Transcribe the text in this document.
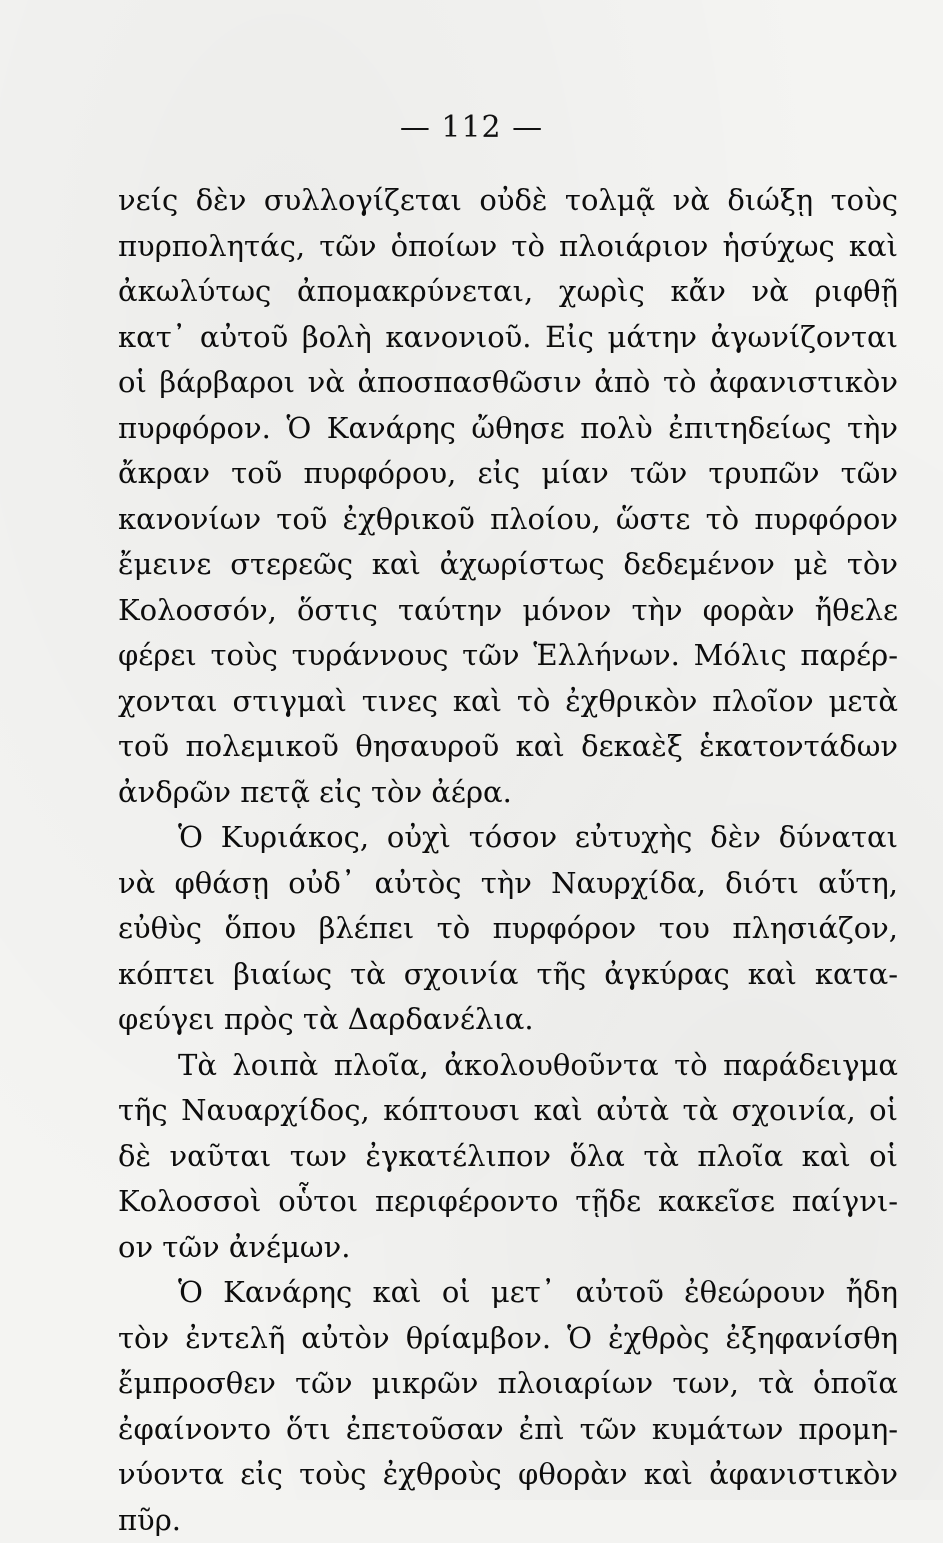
— 112 —
νείς δὲν συλλογίζεται οὐδὲ τολμᾷ νὰ διώξῃ τοὺς
πυρπολητάς, τῶν ὁποίων τὸ πλοιάριον ἡσύχως καὶ
ἀκωλύτως ἀπομακρύνεται, χωρὶς κἄν νὰ ριφθῇ
κατ᾽ αὐτοῦ βολὴ κανονιοῦ. Εἰς μάτην ἀγωνίζονται
οἱ βάρβαροι νὰ ἀποσπασθῶσιν ἀπὸ τὸ ἀφανιστικὸν
πυρφόρον. Ὁ Κανάρης ὤθησε πολὺ ἐπιτηδείως τὴν
ἄκραν τοῦ πυρφόρου, εἰς μίαν τῶν τρυπῶν τῶν
κανονίων τοῦ ἐχθρικοῦ πλοίου, ὥστε τὸ πυρφόρον
ἔμεινε στερεῶς καὶ ἀχωρίστως δεδεμένον μὲ τὸν
Κολοσσόν, ὅστις ταύτην μόνον τὴν φορὰν ἤθελε
φέρει τοὺς τυράννους τῶν Ἑλλήνων. Μόλις παρέρ-
χονται στιγμαὶ τινες καὶ τὸ ἐχθρικὸν πλοῖον μετὰ
τοῦ πολεμικοῦ θησαυροῦ καὶ δεκαὲξ ἑκατοντάδων
ἀνδρῶν πετᾷ εἰς τὸν ἀέρα.
Ὁ Κυριάκος, οὐχὶ τόσον εὐτυχὴς δὲν δύναται
νὰ φθάσῃ οὐδ᾽ αὐτὸς τὴν Ναυρχίδα, διότι αὕτη,
εὐθὺς ὅπου βλέπει τὸ πυρφόρον του πλησιάζον,
κόπτει βιαίως τὰ σχοινία τῆς ἀγκύρας καὶ κατα-
φεύγει πρὸς τὰ Δαρδανέλια.
Τὰ λοιπὰ πλοῖα, ἀκολουθοῦντα τὸ παράδειγμα
τῆς Ναυαρχίδος, κόπτουσι καὶ αὐτὰ τὰ σχοινία, οἱ
δὲ ναῦται των ἐγκατέλιπον ὅλα τὰ πλοῖα καὶ οἱ
Κολοσσοὶ οὗτοι περιφέροντο τῇδε κακεῖσε παίγνι-
ον τῶν ἀνέμων.
Ὁ Κανάρης καὶ οἱ μετ᾽ αὐτοῦ ἐθεώρουν ἤδη
τὸν ἐντελῆ αὐτὸν θρίαμβον. Ὁ ἐχθρὸς ἐξηφανίσθη
ἔμπροσθεν τῶν μικρῶν πλοιαρίων των, τὰ ὁποῖα
ἐφαίνοντο ὅτι ἐπετοῦσαν ἐπὶ τῶν κυμάτων προμη-
νύοντα εἰς τοὺς ἐχθροὺς φθορὰν καὶ ἀφανιστικὸν
πῦρ.
